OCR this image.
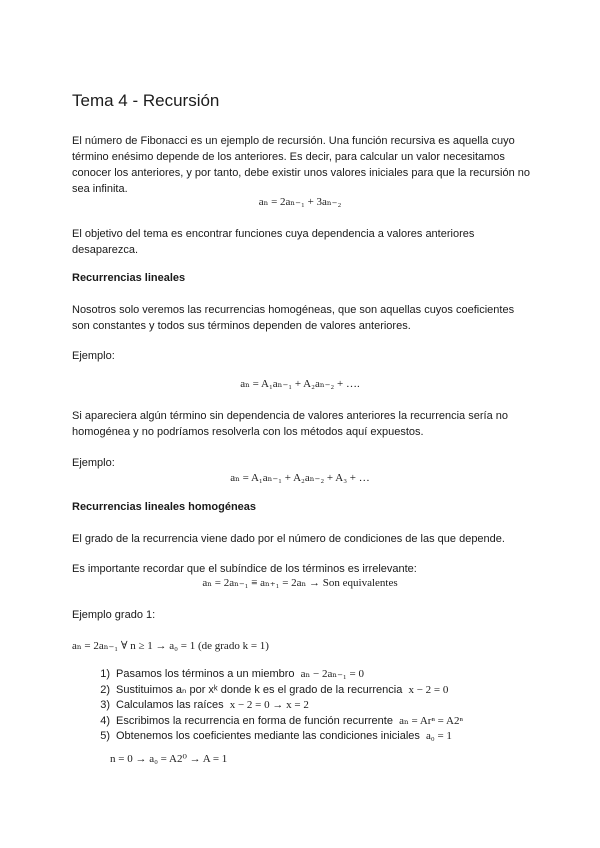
Tema 4 - Recursión

El número de Fibonacci es un ejemplo de recursión. Una función recursiva es aquella cuyo término enésimo depende de los anteriores. Es decir, para calcular un valor necesitamos conocer los anteriores, y por tanto, debe existir unos valores iniciales para que la recursión no sea infinita.

aₙ = 2aₙ₋₁ + 3aₙ₋₂

El objetivo del tema es encontrar funciones cuya dependencia a valores anteriores desaparezca.

Recurrencias lineales

Nosotros solo veremos las recurrencias homogéneas, que son aquellas cuyos coeficientes son constantes y todos sus términos dependen de valores anteriores.

Ejemplo:

aₙ = A₁aₙ₋₁ + A₂aₙ₋₂ + ….

Si apareciera algún término sin dependencia de valores anteriores la recurrencia sería no homogénea y no podríamos resolverla con los métodos aquí expuestos.

Ejemplo:

aₙ = A₁aₙ₋₁ + A₂aₙ₋₂ + A₃ + …
Recurrencias lineales homogéneas

El grado de la recurrencia viene dado por el número de condiciones de las que depende.

Es importante recordar que el subíndice de los términos es irrelevante:

aₙ = 2aₙ₋₁ ≡ aₙ₊₁ = 2aₙ → Son equivalentes

Ejemplo grado 1:

aₙ = 2aₙ₋₁ ∀ n ≥ 1 → a₀ = 1 (de grado k = 1)
1) Pasamos los términos a un miembro aₙ − 2aₙ₋₁ = 0
2) Sustituimos aₙ por xᵏ donde k es el grado de la recurrencia x − 2 = 0
3) Calculamos las raíces x − 2 = 0 → x = 2
4) Escribimos la recurrencia en forma de función recurrente aₙ = Arⁿ = A2ⁿ
5) Obtenemos los coeficientes mediante las condiciones iniciales a₀ = 1
n = 0 → a₀ = A2⁰ → A = 1
